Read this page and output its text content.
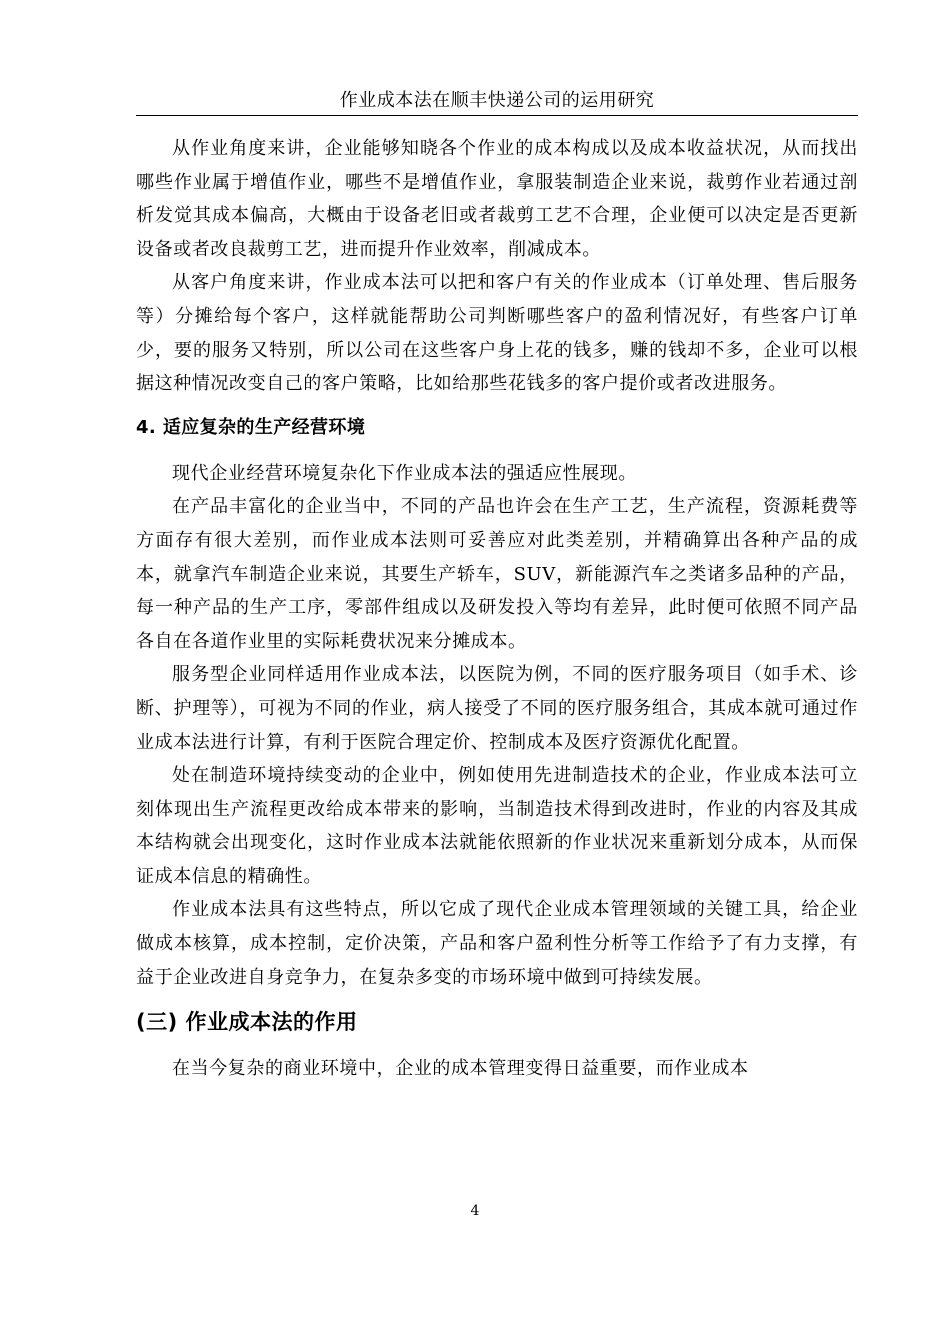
作业成本法在顺丰快递公司的运用研究

从作业角度来讲，企业能够知晓各个作业的成本构成以及成本收益状况，从而找出哪些作业属于增值作业，哪些不是增值作业，拿服装制造企业来说，裁剪作业若通过剖析发觉其成本偏高，大概由于设备老旧或者裁剪工艺不合理，企业便可以决定是否更新设备或者改良裁剪工艺，进而提升作业效率，削减成本。

从客户角度来讲，作业成本法可以把和客户有关的作业成本（订单处理、售后服务等）分摊给每个客户，这样就能帮助公司判断哪些客户的盈利情况好，有些客户订单少，要的服务又特别，所以公司在这些客户身上花的钱多，赚的钱却不多，企业可以根据这种情况改变自己的客户策略，比如给那些花钱多的客户提价或者改进服务。

4. 适应复杂的生产经营环境

现代企业经营环境复杂化下作业成本法的强适应性展现。

在产品丰富化的企业当中，不同的产品也许会在生产工艺，生产流程，资源耗费等方面存有很大差别，而作业成本法则可妥善应对此类差别，并精确算出各种产品的成本，就拿汽车制造企业来说，其要生产轿车，SUV，新能源汽车之类诸多品种的产品，每一种产品的生产工序，零部件组成以及研发投入等均有差异，此时便可依照不同产品各自在各道作业里的实际耗费状况来分摊成本。

服务型企业同样适用作业成本法，以医院为例，不同的医疗服务项目（如手术、诊断、护理等），可视为不同的作业，病人接受了不同的医疗服务组合，其成本就可通过作业成本法进行计算，有利于医院合理定价、控制成本及医疗资源优化配置。

处在制造环境持续变动的企业中，例如使用先进制造技术的企业，作业成本法可立刻体现出生产流程更改给成本带来的影响，当制造技术得到改进时，作业的内容及其成本结构就会出现变化，这时作业成本法就能依照新的作业状况来重新划分成本，从而保证成本信息的精确性。

作业成本法具有这些特点，所以它成了现代企业成本管理领域的关键工具，给企业做成本核算，成本控制，定价决策，产品和客户盈利性分析等工作给予了有力支撑，有益于企业改进自身竞争力，在复杂多变的市场环境中做到可持续发展。

(三) 作业成本法的作用

在当今复杂的商业环境中，企业的成本管理变得日益重要，而作业成本

4
